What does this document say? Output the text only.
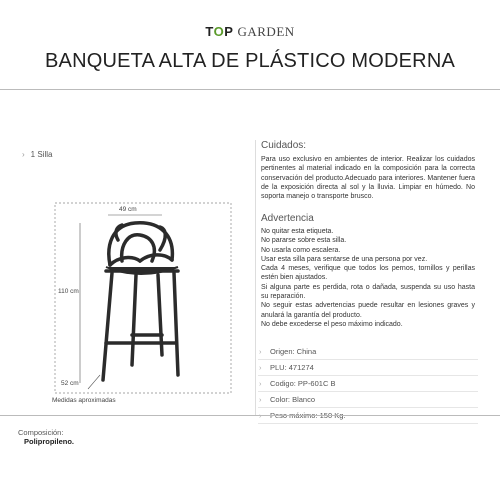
TOP GARDEN
BANQUETA ALTA DE PLÁSTICO MODERNA
› 1 Silla
49 cm
110 cm
52 cm
Medidas aproximadas
Cuidados:
Para uso exclusivo en ambientes de interior. Realizar los cuidados pertinentes al material indicado en la composición para la correcta conservación del producto.Adecuado para interiores. Mantener fuera de la exposición directa al sol y la lluvia. Limpiar en húmedo. No soporta manejo o transporte brusco.
Advertencia
No quitar esta etiqueta.
No pararse sobre esta silla.
No usarla como escalera.
Usar esta silla para sentarse de una persona por vez.
Cada 4 meses, verifique que todos los pernos, tornillos y perillas estén bien ajustados.
Si alguna parte es perdida, rota o dañada, suspenda su uso hasta su reparación.
No seguir estas advertencias puede resultar en lesiones graves y anulará la garantía del producto.
No debe excederse el peso máximo indicado.
› Origen: China
› PLU: 471274
› Codigo: PP-601C B
› Color: Blanco
Composición:
Polipropileno.
